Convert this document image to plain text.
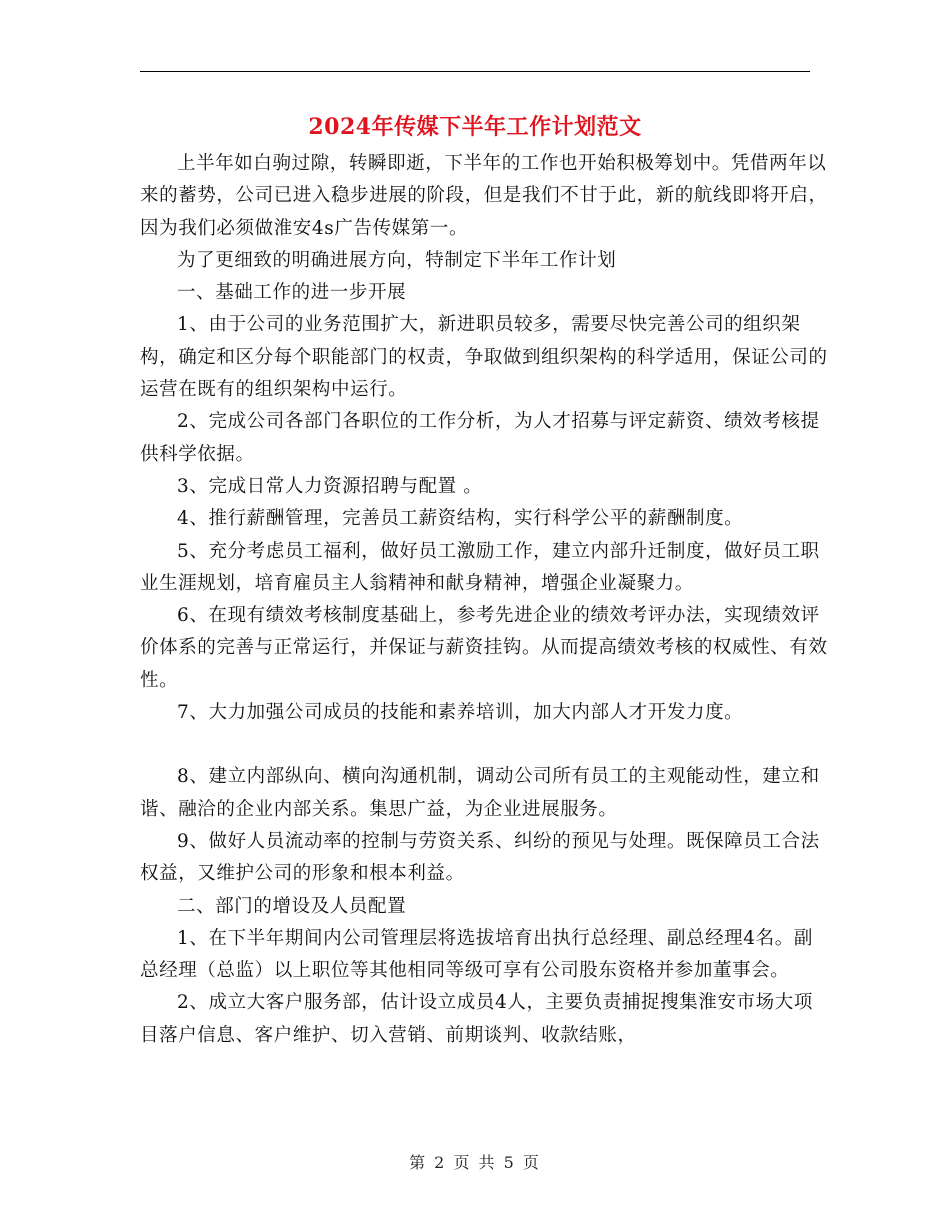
2024年传媒下半年工作计划范文

上半年如白驹过隙，转瞬即逝，下半年的工作也开始积极筹划中。凭借两年以来的蓄势，公司已进入稳步进展的阶段，但是我们不甘于此，新的航线即将开启，因为我们必须做淮安4s广告传媒第一。

为了更细致的明确进展方向，特制定下半年工作计划

一、基础工作的进一步开展

1、由于公司的业务范围扩大，新进职员较多，需要尽快完善公司的组织架构，确定和区分每个职能部门的权责，争取做到组织架构的科学适用，保证公司的运营在既有的组织架构中运行。

2、完成公司各部门各职位的工作分析，为人才招募与评定薪资、绩效考核提供科学依据。

3、完成日常人力资源招聘与配置 。

4、推行薪酬管理，完善员工薪资结构，实行科学公平的薪酬制度。

5、充分考虑员工福利，做好员工激励工作，建立内部升迁制度，做好员工职业生涯规划，培育雇员主人翁精神和献身精神，增强企业凝聚力。

6、在现有绩效考核制度基础上，参考先进企业的绩效考评办法，实现绩效评价体系的完善与正常运行，并保证与薪资挂钩。从而提高绩效考核的权威性、有效性。

7、大力加强公司成员的技能和素养培训，加大内部人才开发力度。

8、建立内部纵向、横向沟通机制，调动公司所有员工的主观能动性，建立和谐、融洽的企业内部关系。集思广益，为企业进展服务。

9、做好人员流动率的控制与劳资关系、纠纷的预见与处理。既保障员工合法权益，又维护公司的形象和根本利益。

二、部门的增设及人员配置

1、在下半年期间内公司管理层将选拔培育出执行总经理、副总经理4名。副总经理（总监）以上职位等其他相同等级可享有公司股东资格并参加董事会。

2、成立大客户服务部，估计设立成员4人，主要负责捕捉搜集淮安市场大项目落户信息、客户维护、切入营销、前期谈判、收款结账，

第 2 页 共 5 页
